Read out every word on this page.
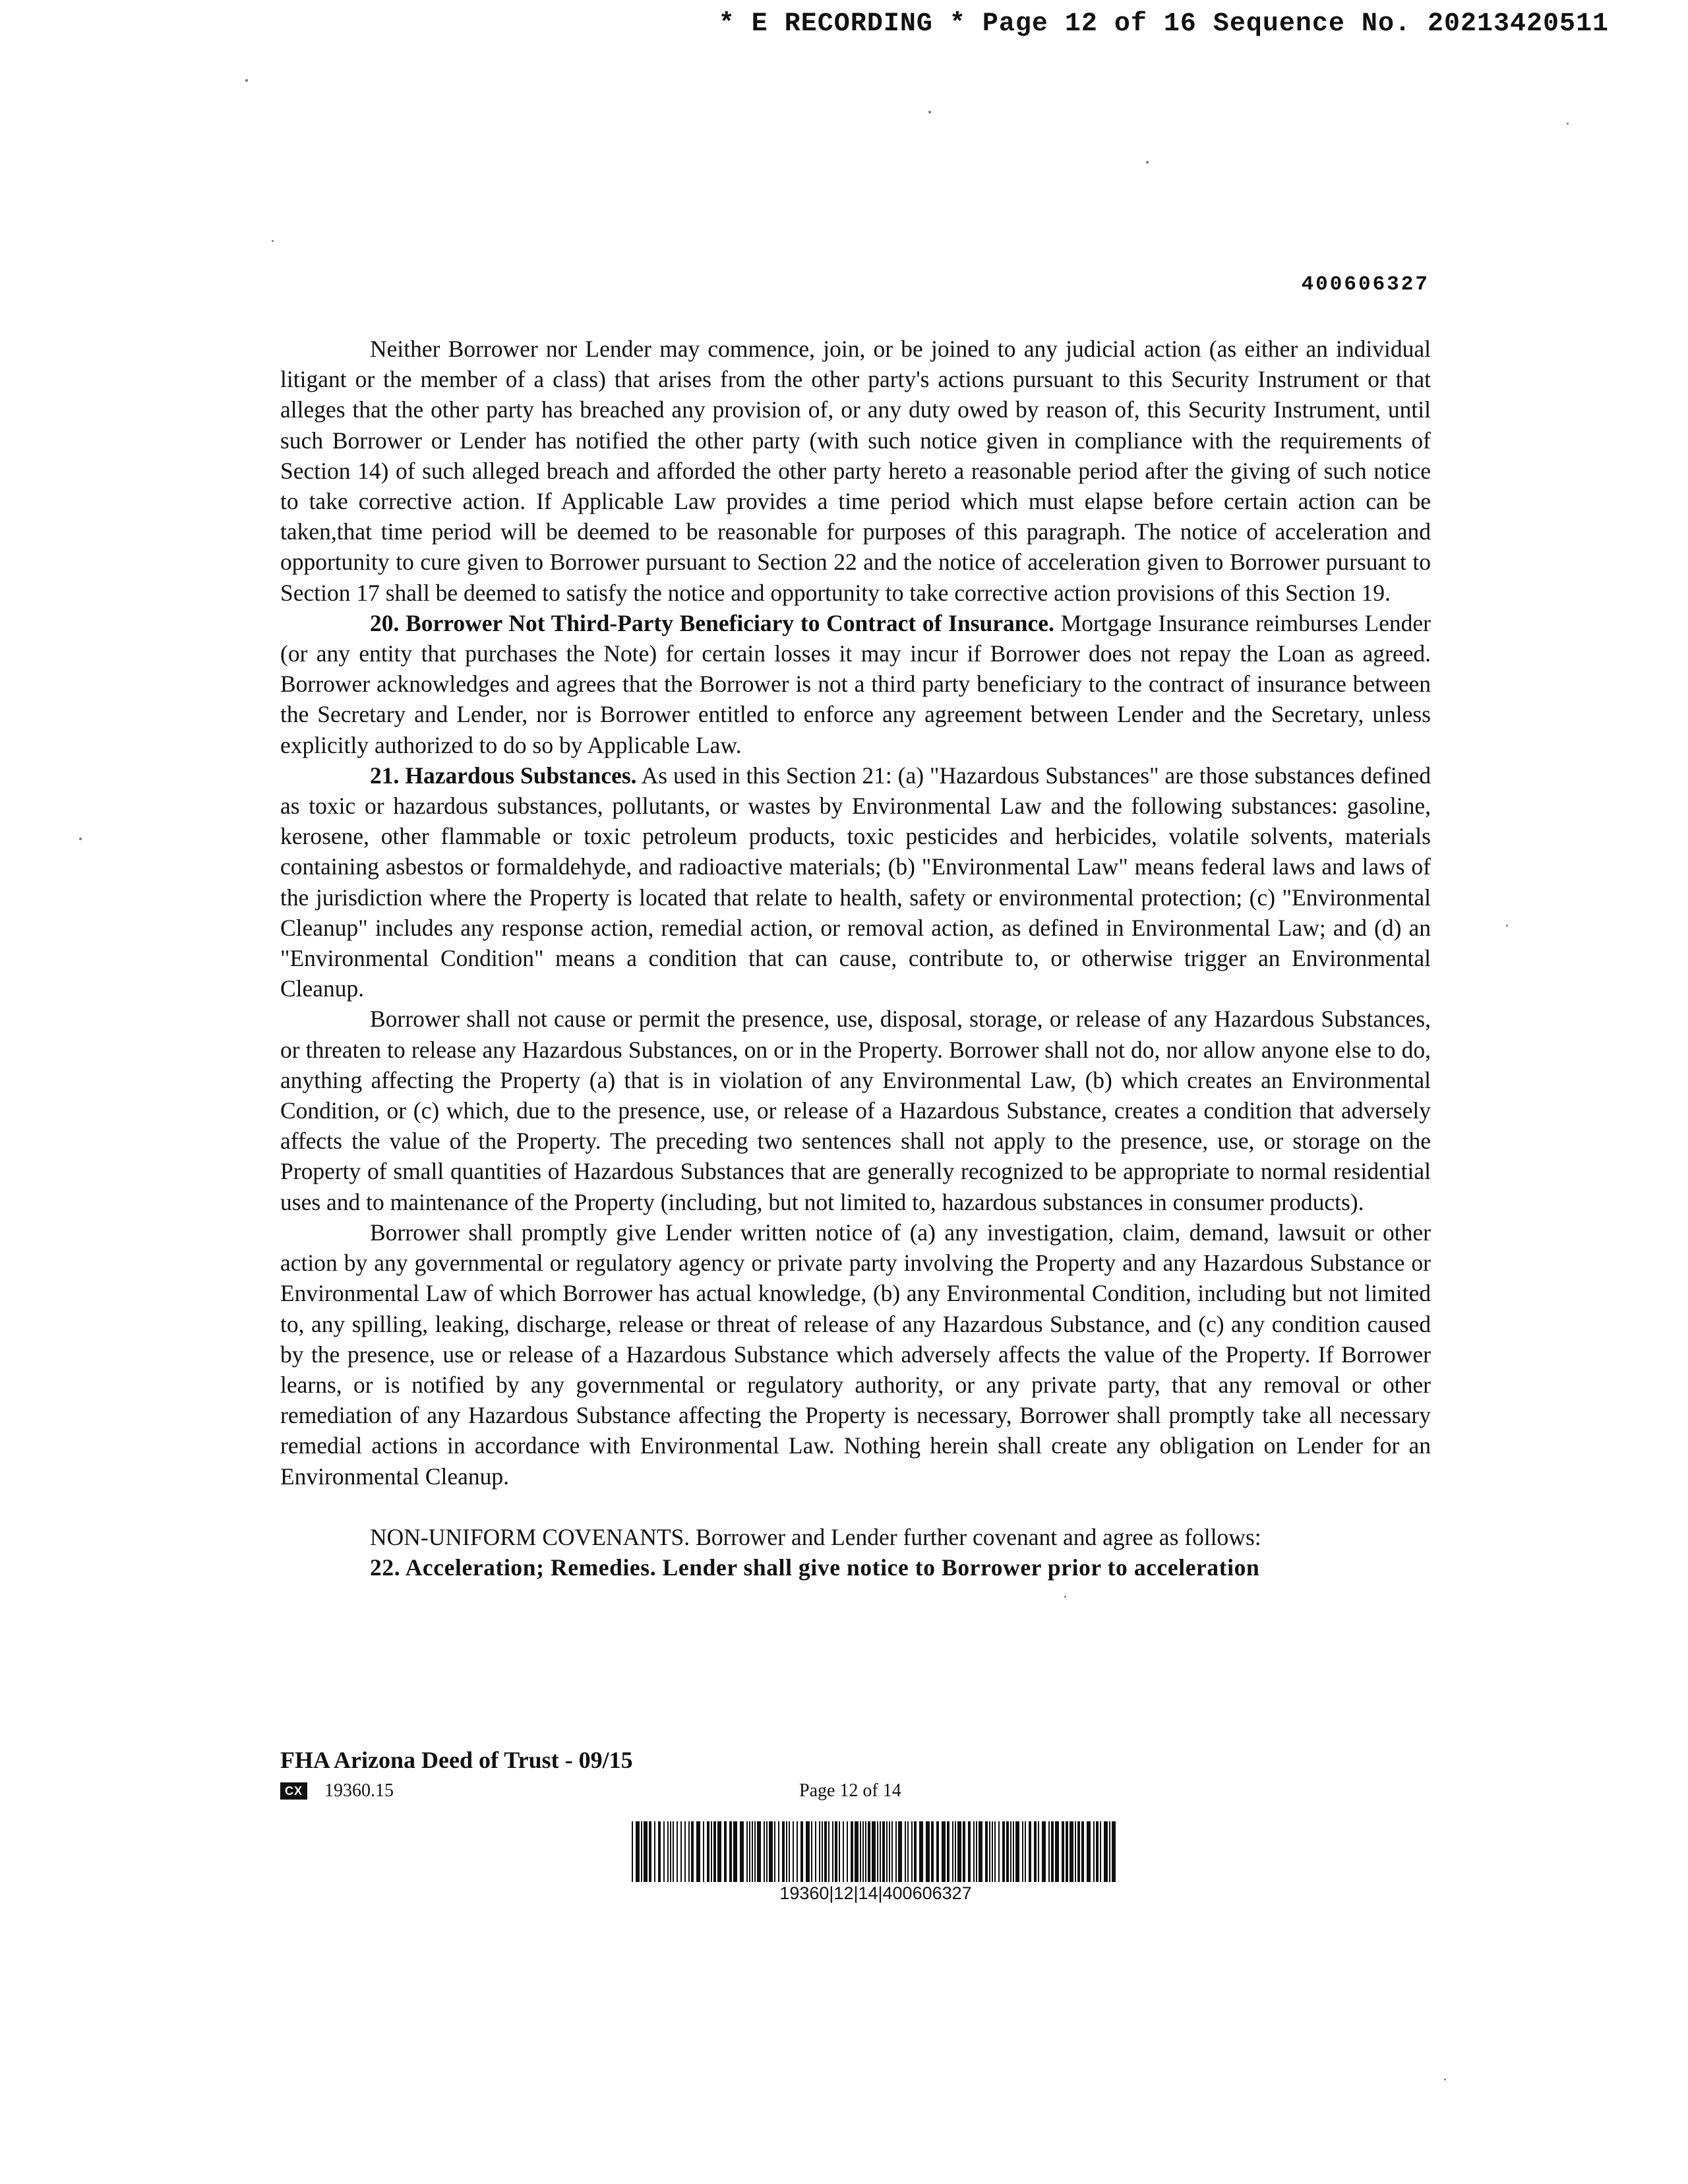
* E RECORDING * Page 12 of 16 Sequence No. 20213420511
400606327

Neither Borrower nor Lender may commence, join, or be joined to any judicial action (as either an individual litigant or the member of a class) that arises from the other party's actions pursuant to this Security Instrument or that alleges that the other party has breached any provision of, or any duty owed by reason of, this Security Instrument, until such Borrower or Lender has notified the other party (with such notice given in compliance with the requirements of Section 14) of such alleged breach and afforded the other party hereto a reasonable period after the giving of such notice to take corrective action. If Applicable Law provides a time period which must elapse before certain action can be taken,that time period will be deemed to be reasonable for purposes of this paragraph. The notice of acceleration and opportunity to cure given to Borrower pursuant to Section 22 and the notice of acceleration given to Borrower pursuant to Section 17 shall be deemed to satisfy the notice and opportunity to take corrective action provisions of this Section 19.

20. Borrower Not Third-Party Beneficiary to Contract of Insurance. Mortgage Insurance reimburses Lender (or any entity that purchases the Note) for certain losses it may incur if Borrower does not repay the Loan as agreed. Borrower acknowledges and agrees that the Borrower is not a third party beneficiary to the contract of insurance between the Secretary and Lender, nor is Borrower entitled to enforce any agreement between Lender and the Secretary, unless explicitly authorized to do so by Applicable Law.

21. Hazardous Substances. As used in this Section 21: (a) "Hazardous Substances" are those substances defined as toxic or hazardous substances, pollutants, or wastes by Environmental Law and the following substances: gasoline, kerosene, other flammable or toxic petroleum products, toxic pesticides and herbicides, volatile solvents, materials containing asbestos or formaldehyde, and radioactive materials; (b) "Environmental Law" means federal laws and laws of the jurisdiction where the Property is located that relate to health, safety or environmental protection; (c) "Environmental Cleanup" includes any response action, remedial action, or removal action, as defined in Environmental Law; and (d) an "Environmental Condition" means a condition that can cause, contribute to, or otherwise trigger an Environmental Cleanup.

Borrower shall not cause or permit the presence, use, disposal, storage, or release of any Hazardous Substances, or threaten to release any Hazardous Substances, on or in the Property. Borrower shall not do, nor allow anyone else to do, anything affecting the Property (a) that is in violation of any Environmental Law, (b) which creates an Environmental Condition, or (c) which, due to the presence, use, or release of a Hazardous Substance, creates a condition that adversely affects the value of the Property. The preceding two sentences shall not apply to the presence, use, or storage on the Property of small quantities of Hazardous Substances that are generally recognized to be appropriate to normal residential uses and to maintenance of the Property (including, but not limited to, hazardous substances in consumer products).

Borrower shall promptly give Lender written notice of (a) any investigation, claim, demand, lawsuit or other action by any governmental or regulatory agency or private party involving the Property and any Hazardous Substance or Environmental Law of which Borrower has actual knowledge, (b) any Environmental Condition, including but not limited to, any spilling, leaking, discharge, release or threat of release of any Hazardous Substance, and (c) any condition caused by the presence, use or release of a Hazardous Substance which adversely affects the value of the Property. If Borrower learns, or is notified by any governmental or regulatory authority, or any private party, that any removal or other remediation of any Hazardous Substance affecting the Property is necessary, Borrower shall promptly take all necessary remedial actions in accordance with Environmental Law. Nothing herein shall create any obligation on Lender for an Environmental Cleanup.

NON-UNIFORM COVENANTS. Borrower and Lender further covenant and agree as follows:

22. Acceleration; Remedies. Lender shall give notice to Borrower prior to acceleration

FHA Arizona Deed of Trust - 09/15
CX 19360.15	Page 12 of 14
19360|12|14|400606327
